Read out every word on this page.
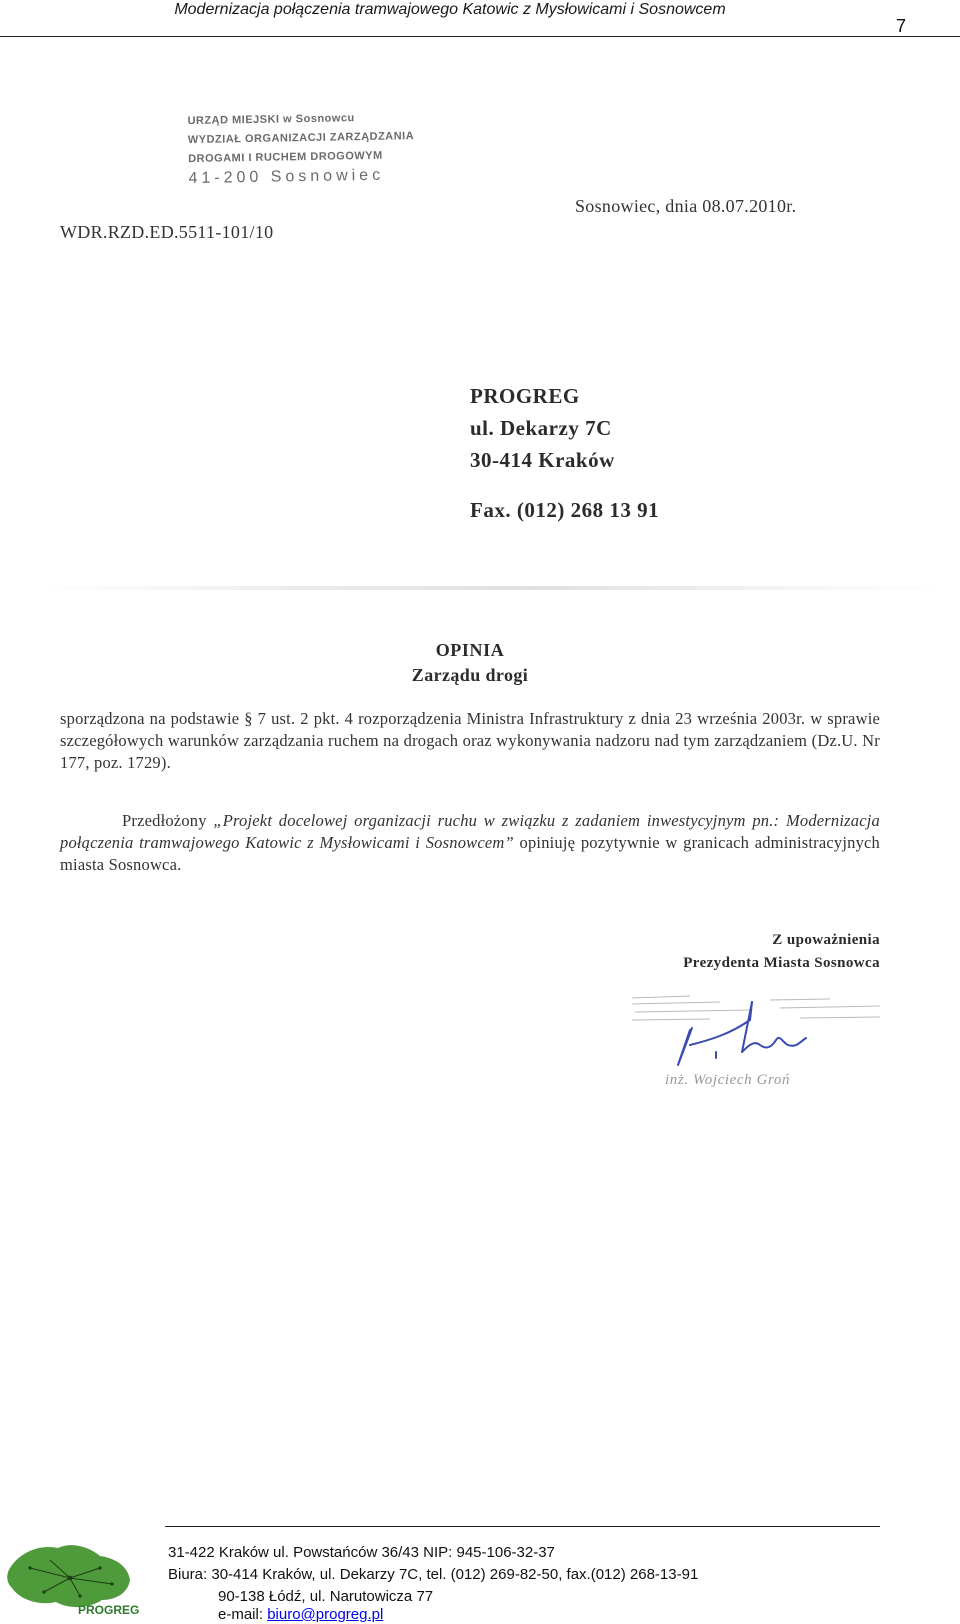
Modernizacja połączenia tramwajowego Katowic z Mysłowicami i Sosnowcem
7
URZĄD MIEJSKI w Sosnowcu
WYDZIAŁ ORGANIZACJI ZARZĄDZANIA
DROGAMI I RUCHEM DROGOWYM
41-200 Sosnowiec
WDR.RZD.ED.5511-101/10
Sosnowiec, dnia 08.07.2010r.
PROGREG
ul. Dekarzy 7C
30-414 Kraków
Fax. (012) 268 13 91
OPINIA
Zarządu drogi
sporządzona na podstawie § 7 ust. 2 pkt. 4 rozporządzenia Ministra Infrastruktury z dnia 23 września 2003r. w sprawie szczegółowych warunków zarządzania ruchem na drogach oraz wykonywania nadzoru nad tym zarządzaniem (Dz.U. Nr 177, poz. 1729).
Przedłożony „Projekt docelowej organizacji ruchu w związku z zadaniem inwestycyjnym pn.: Modernizacja połączenia tramwajowego Katowic z Mysłowicami i Sosnowcem” opiniuję pozytywnie w granicach administracyjnych miasta Sosnowca.
Z upoważnienia
Prezydenta Miasta Sosnowca
inż. Wojciech Groń
PROGREG
31-422 Kraków ul. Powstańców 36/43 NIP: 945-106-32-37
Biura: 30-414 Kraków, ul. Dekarzy 7C, tel. (012) 269-82-50, fax.(012) 268-13-91
90-138 Łódź, ul. Narutowicza 77
e-mail: biuro@progreg.pl
